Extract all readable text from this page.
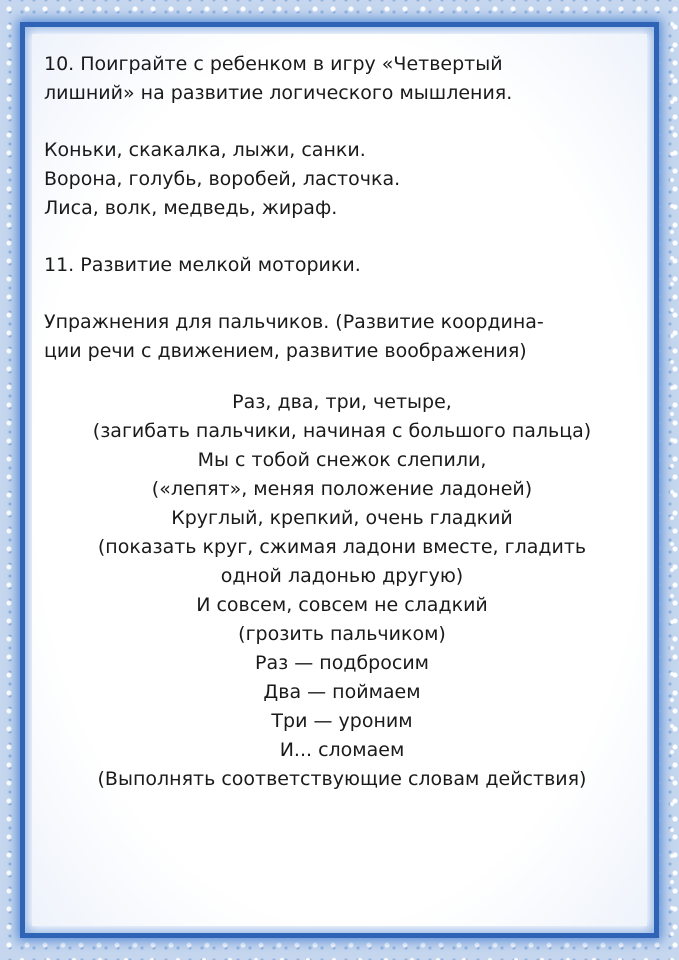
10. Поиграйте с ребенком в игру «Четвертый
лишний» на развитие логического мышления.
Коньки, скакалка, лыжи, санки.
Ворона, голубь, воробей, ласточка.
Лиса, волк, медведь, жираф.
11. Развитие мелкой моторики.
Упражнения для пальчиков. (Развитие координа-
ции речи с движением, развитие воображения)
Раз, два, три, четыре,
(загибать пальчики, начиная с большого пальца)
Мы с тобой снежок слепили,
(«лепят», меняя положение ладоней)
Круглый, крепкий, очень гладкий
(показать круг, сжимая ладони вместе, гладить
одной ладонью другую)
И совсем, совсем не сладкий
(грозить пальчиком)
Раз — подбросим
Два — поймаем
Три — уроним
И... сломаем
(Выполнять соответствующие словам действия)
